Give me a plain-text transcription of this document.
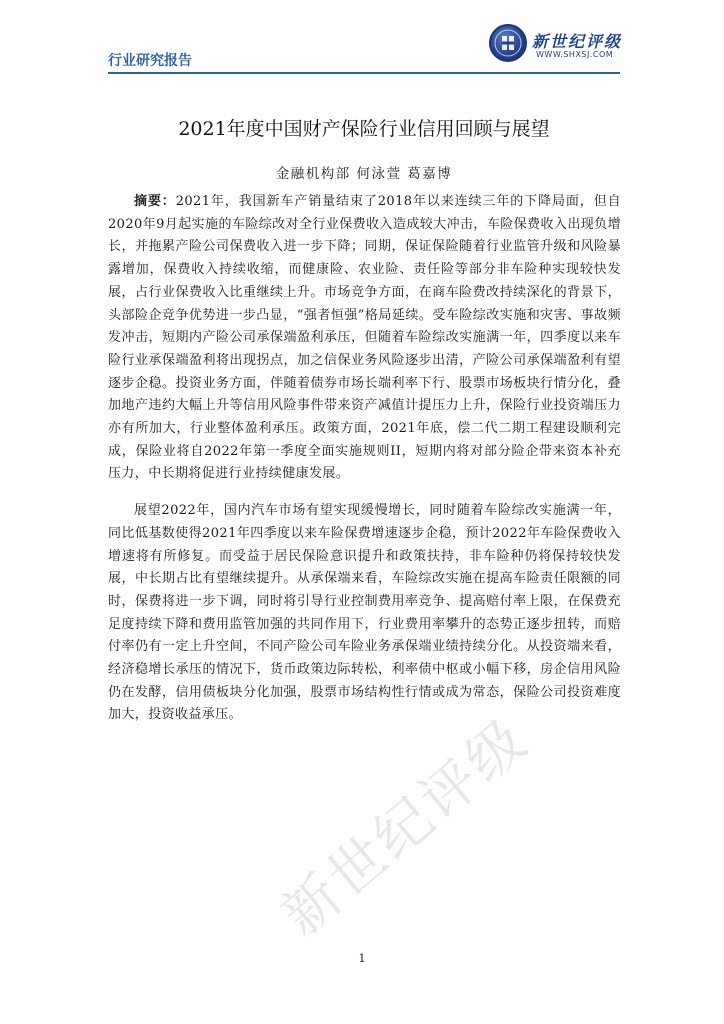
行业研究报告
新世纪评级
WWW.SHXSJ.COM
2021年度中国财产保险行业信用回顾与展望
金融机构部 何泳萱 葛嘉博

摘要：2021年，我国新车产销量结束了2018年以来连续三年的下降局面，但自2020年9月起实施的车险综改对全行业保费收入造成较大冲击，车险保费收入出现负增长，并拖累产险公司保费收入进一步下降；同期，保证保险随着行业监管升级和风险暴露增加，保费收入持续收缩，而健康险、农业险、责任险等部分非车险种实现较快发展，占行业保费收入比重继续上升。市场竞争方面，在商车险费改持续深化的背景下，头部险企竞争优势进一步凸显，“强者恒强”格局延续。受车险综改实施和灾害、事故频发冲击，短期内产险公司承保端盈利承压，但随着车险综改实施满一年，四季度以来车险行业承保端盈利将出现拐点，加之信保业务风险逐步出清，产险公司承保端盈利有望逐步企稳。投资业务方面，伴随着债券市场长端利率下行、股票市场板块行情分化，叠加地产违约大幅上升等信用风险事件带来资产减值计提压力上升，保险行业投资端压力亦有所加大，行业整体盈利承压。政策方面，2021年底，偿二代二期工程建设顺利完成，保险业将自2022年第一季度全面实施规则II，短期内将对部分险企带来资本补充压力，中长期将促进行业持续健康发展。

展望2022年，国内汽车市场有望实现缓慢增长，同时随着车险综改实施满一年，同比低基数使得2021年四季度以来车险保费增速逐步企稳，预计2022年车险保费收入增速将有所修复。而受益于居民保险意识提升和政策扶持，非车险种仍将保持较快发展，中长期占比有望继续提升。从承保端来看，车险综改实施在提高车险责任限额的同时，保费将进一步下调，同时将引导行业控制费用率竞争、提高赔付率上限，在保费充足度持续下降和费用监管加强的共同作用下，行业费用率攀升的态势正逐步扭转，而赔付率仍有一定上升空间，不同产险公司车险业务承保端业绩持续分化。从投资端来看，经济稳增长承压的情况下，货币政策边际转松，利率债中枢或小幅下移，房企信用风险仍在发酵，信用债板块分化加强，股票市场结构性行情或成为常态，保险公司投资难度加大，投资收益承压。 新世纪评级
1
